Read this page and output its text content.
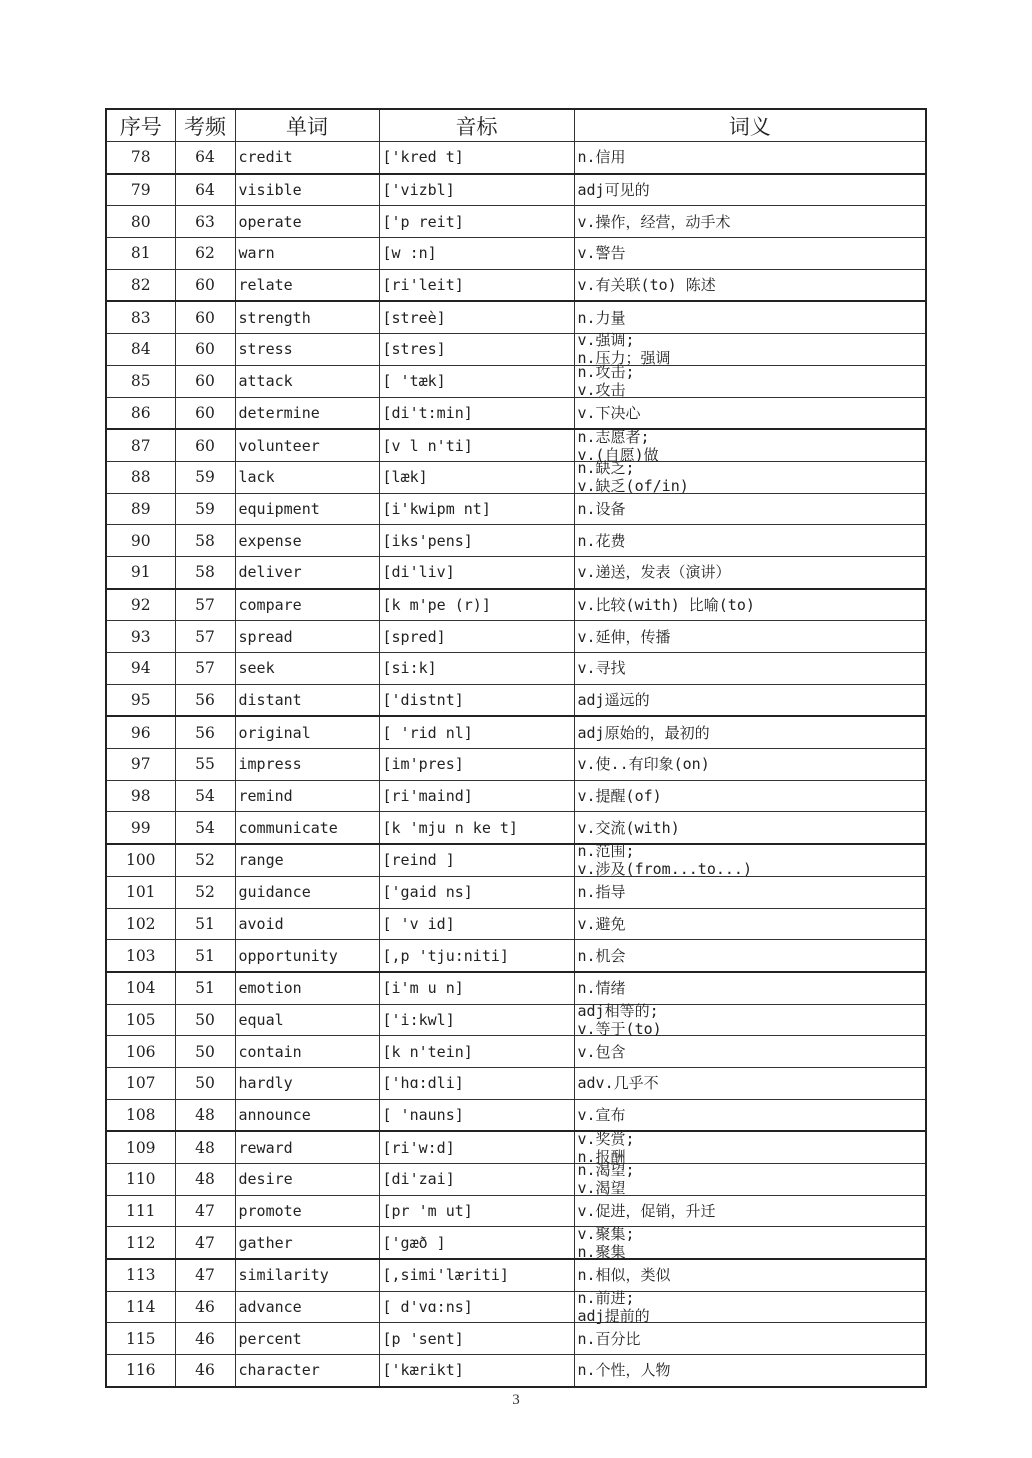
序号	考频	单词	音标	词义
78	64	credit	['kred t]	n.信用

79	64	visible	['vizbl]	adj可见的

80	63	operate	['p reit]	v.操作，经营，动手术

81	62	warn	[w :n]	v.警告

82	60	relate	[ri'leit]	v.有关联(to) 陈述

83	60	strength	[streè]	n.力量

84	60	stress	[stres]	v.强调;
n.压力；强调

85	60	attack	[ 'tæk]	n.攻击;
v.攻击

86	60	determine	[di't:min]	v.下决心

87	60	volunteer	[v l n'ti]	n.志愿者;
v.(自愿)做

88	59	lack	[læk]	n.缺乏;
v.缺乏(of/in)

89	59	equipment	[i'kwipm nt]	n.设备

90	58	expense	[iks'pens]	n.花费

91	58	deliver	[di'liv]	v.递送，发表（演讲）

92	57	compare	[k m'pe (r)]	v.比较(with) 比喻(to)

93	57	spread	[spred]	v.延伸，传播

94	57	seek	[si:k]	v.寻找

95	56	distant	['distnt]	adj遥远的

96	56	original	[ 'rid nl]	adj原始的，最初的

97	55	impress	[im'pres]	v.使..有印象(on)

98	54	remind	[ri'maind]	v.提醒(of)

99	54	communicate	[k 'mju n ke t]	v.交流(with)

100	52	range	[reind ]	n.范围;
v.涉及(from...to...)

101	52	guidance	['gaid ns]	n.指导

102	51	avoid	[ 'v id]	v.避免

103	51	opportunity	[,p 'tju:niti]	n.机会

104	51	emotion	[i'm u n]	n.情绪

105	50	equal	['i:kwl]	adj相等的;
v.等于(to)

106	50	contain	[k n'tein]	v.包含

107	50	hardly	['hɑ:dli]	adv.几乎不

108	48	announce	[ 'nauns]	v.宣布

109	48	reward	[ri'w:d]	v.奖赏;
n.报酬

110	48	desire	[di'zai]	n.渴望;
v.渴望

111	47	promote	[pr 'm ut]	v.促进，促销，升迁

112	47	gather	['gæð ]	v.聚集;
n.聚集

113	47	similarity	[,simi'læriti]	n.相似，类似

114	46	advance	[ d'vɑ:ns]	n.前进;
adj提前的

115	46	percent	[p 'sent]	n.百分比

116	46	character	['kærikt]	n.个性，人物
3
